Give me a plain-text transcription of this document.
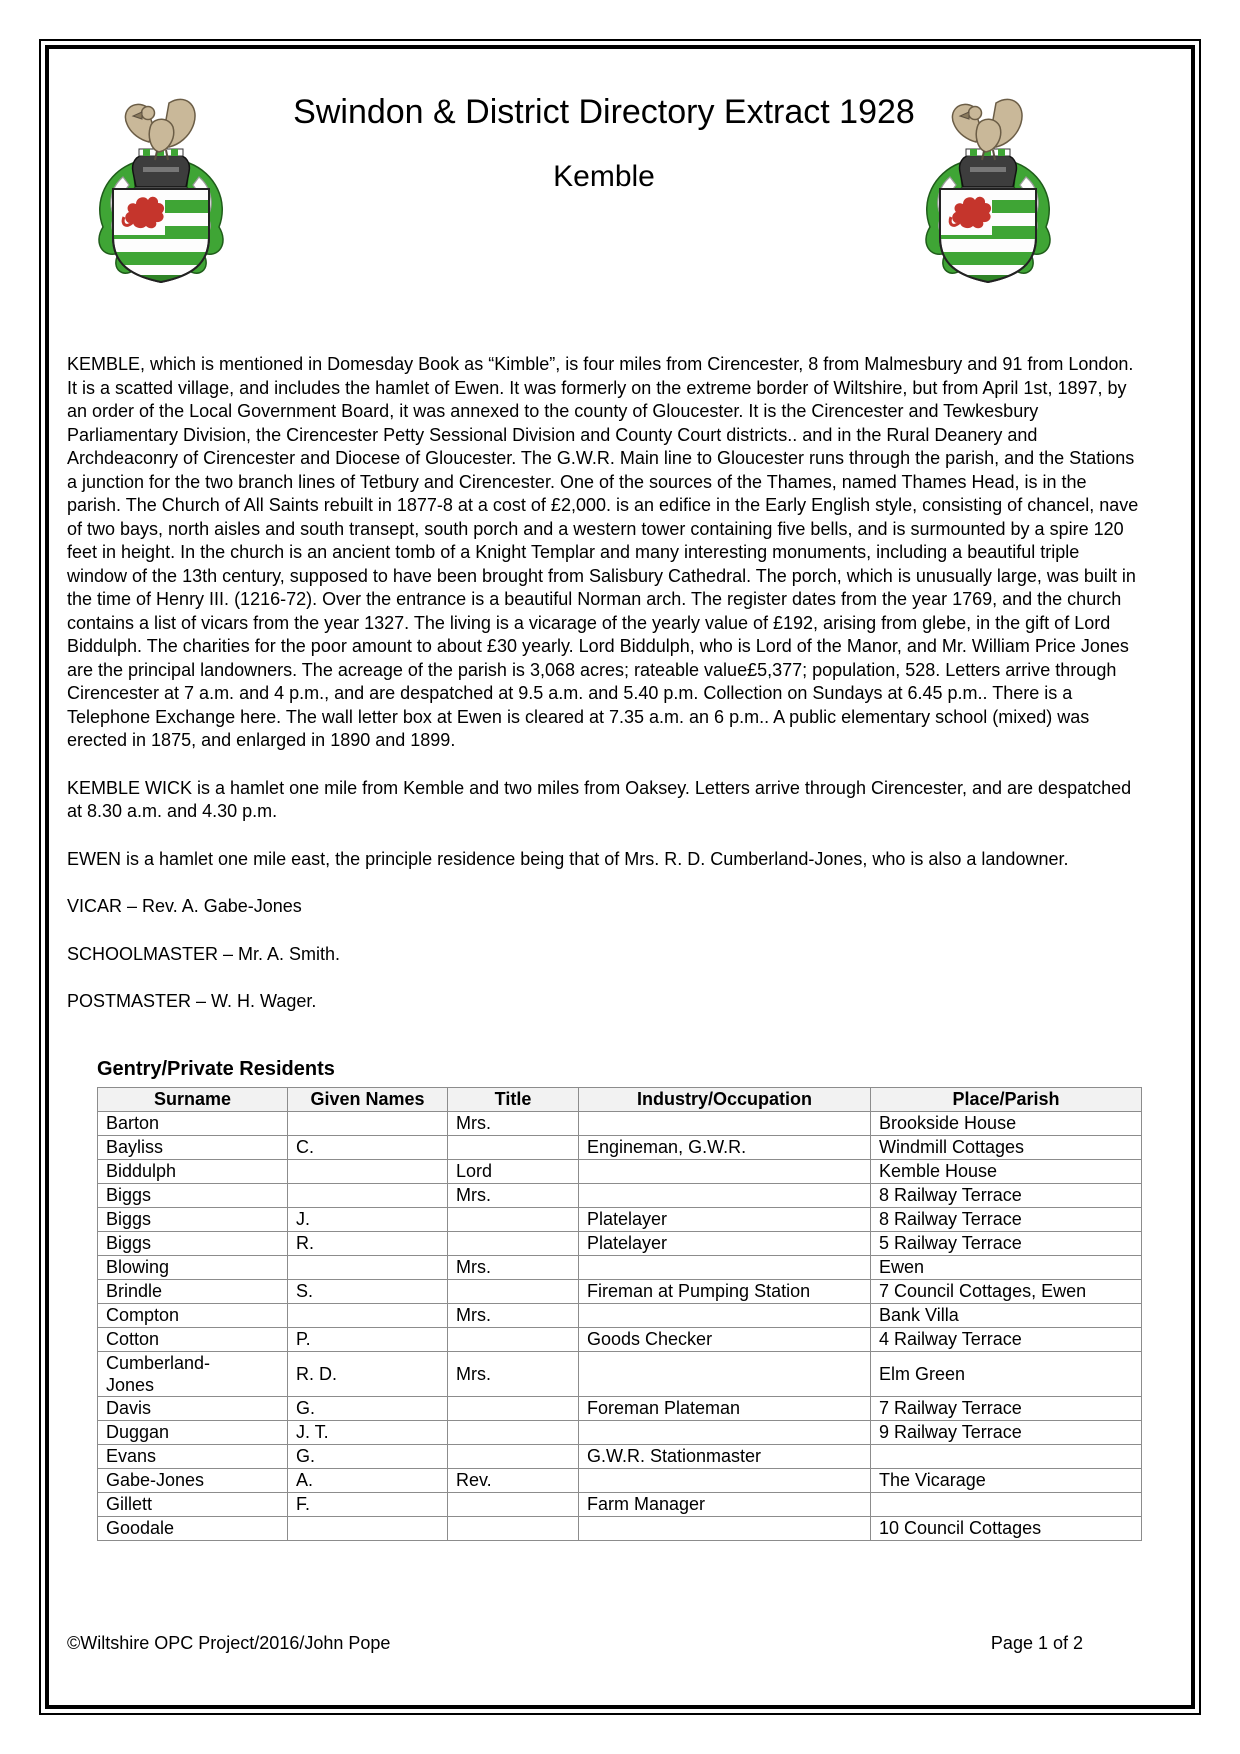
Swindon & District Directory Extract 1928
Kemble

KEMBLE, which is mentioned in Domesday Book as “Kimble”, is four miles from Cirencester, 8 from Malmesbury and 91 from London. It is a scatted village, and includes the hamlet of Ewen. It was formerly on the extreme border of Wiltshire, but from April 1st, 1897, by an order of the Local Government Board, it was annexed to the county of Gloucester. It is the Cirencester and Tewkesbury Parliamentary Division, the Cirencester Petty Sessional Division and County Court districts.. and in the Rural Deanery and Archdeaconry of Cirencester and Diocese of Gloucester. The G.W.R. Main line to Gloucester runs through the parish, and the Stations a junction for the two branch lines of Tetbury and Cirencester. One of the sources of the Thames, named Thames Head, is in the parish. The Church of All Saints rebuilt in 1877-8 at a cost of £2,000. is an edifice in the Early English style, consisting of chancel, nave of two bays, north aisles and south transept, south porch and a western tower containing five bells, and is surmounted by a spire 120 feet in height. In the church is an ancient tomb of a Knight Templar and many interesting monuments, including a beautiful triple window of the 13th century, supposed to have been brought from Salisbury Cathedral. The porch, which is unusually large, was built in the time of Henry III. (1216-72). Over the entrance is a beautiful Norman arch. The register dates from the year 1769, and the church contains a list of vicars from the year 1327. The living is a vicarage of the yearly value of £192, arising from glebe, in the gift of Lord Biddulph. The charities for the poor amount to about £30 yearly. Lord Biddulph, who is Lord of the Manor, and Mr. William Price Jones are the principal landowners. The acreage of the parish is 3,068 acres; rateable value£5,377; population, 528. Letters arrive through Cirencester at 7 a.m. and 4 p.m., and are despatched at 9.5 a.m. and 5.40 p.m. Collection on Sundays at 6.45 p.m.. There is a Telephone Exchange here. The wall letter box at Ewen is cleared at 7.35 a.m. an 6 p.m.. A public elementary school (mixed) was erected in 1875, and enlarged in 1890 and 1899.

KEMBLE WICK is a hamlet one mile from Kemble and two miles from Oaksey. Letters arrive through Cirencester, and are despatched at 8.30 a.m. and 4.30 p.m.

EWEN is a hamlet one mile east, the principle residence being that of Mrs. R. D. Cumberland-Jones, who is also a landowner.

VICAR – Rev. A. Gabe-Jones

SCHOOLMASTER – Mr. A. Smith.

POSTMASTER – W. H. Wager.

Gentry/Private Residents
Surname	Given Names	Title	Industry/Occupation	Place/Parish
Barton		Mrs.		Brookside House
Bayliss	C.		Engineman, G.W.R.	Windmill Cottages
Biddulph		Lord		Kemble House
Biggs		Mrs.		8 Railway Terrace
Biggs	J.		Platelayer	8 Railway Terrace
Biggs	R.		Platelayer	5 Railway Terrace
Blowing		Mrs.		Ewen
Brindle	S.		Fireman at Pumping Station	7 Council Cottages, Ewen
Compton		Mrs.		Bank Villa
Cotton	P.		Goods Checker	4 Railway Terrace
Cumberland-
Jones	R. D.	Mrs.		Elm Green
Davis	G.		Foreman Plateman	7 Railway Terrace
Duggan	J. T.			9 Railway Terrace
Evans	G.		G.W.R. Stationmaster	
Gabe-Jones	A.	Rev.		The Vicarage
Gillett	F.		Farm Manager	
Goodale				10 Council Cottages
©Wiltshire OPC Project/2016/John Pope	Page 1 of 2
